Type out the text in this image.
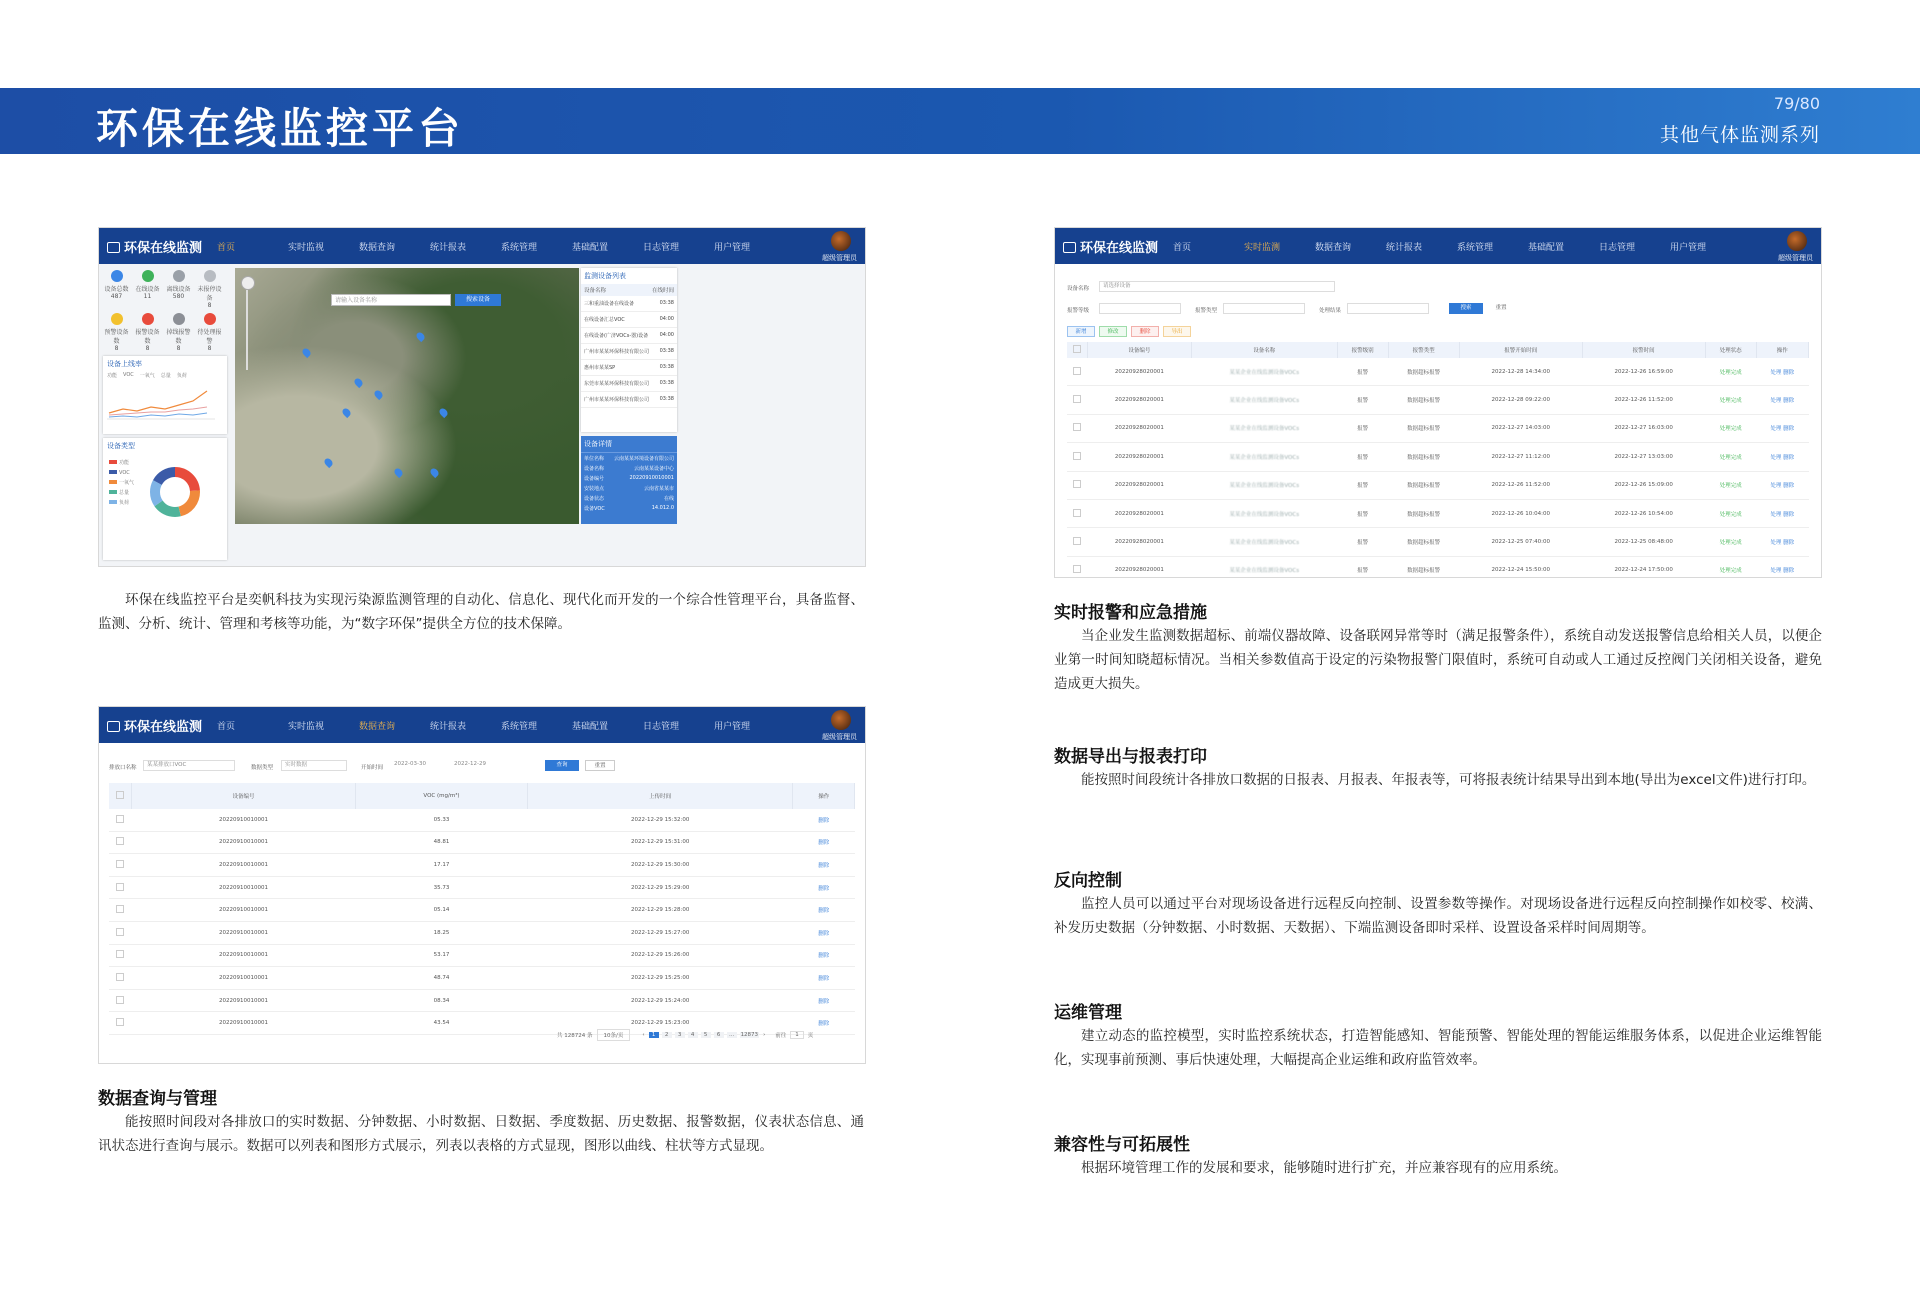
环保在线监控平台
79/80
其他气体监测系列
环保在线监测 首页	实时监视	数据查询	统计报表	系统管理	基础配置	日志管理	用户管理
超级管理员
设备总数
487
在线设备
11
离线设备
580
未报停设备
8
预警设备数
8
报警设备数
8
掉线报警数
8
待处理报警
8
设备上线率
功能 VOC 一氧气 总量 负荷
设备类型
功能
VOC
一氧气
总量
负荷
请输入设备名称	搜索设备
监测设备列表
设备名称	在线时间
三和重油设备在线设备	03:38
在线设备汇总VOC	04:00
在线设备(广济VOCs-器)设备 04:00
广州市某某环保科技有限公司 03:38
惠州市某某SP	03:38
东莞市某某环保科技有限公司 03:38
广州市某某环保科技有限公司 03:38
设备详情
单位名称 云南某某环境设备有限公司
设备名称	云南某某设备中心
设备编号	20220910010001
安装地点	云南省某某市
设备状态	在线
设备VOC	14.012.0
环保在线监控平台是奕帆科技为实现污染源监测管理的自动化、信息化、现代化而开发的一个综合性管理平台，具备监督、监测、分析、统计、管理和考核等功能，为“数字环保”提供全方位的技术保障。
环保在线监测 首页	实时监视	数据查询	统计报表	系统管理	基础配置	日志管理	用户管理
超级管理员
排放口名称	某某排放口VOC	数据类型	实时数据	开始时间
2022-03-30	2022-12-29	查询	重置
	设备编号	VOC (mg/m³)	上传时间	操作
	20220910010001	05.33	2022-12-29 15:32:00	删除
	20220910010001	48.81	2022-12-29 15:31:00	删除
	20220910010001	17.17	2022-12-29 15:30:00	删除
	20220910010001	35.73	2022-12-29 15:29:00	删除
	20220910010001	05.14	2022-12-29 15:28:00	删除
	20220910010001	18.25	2022-12-29 15:27:00	删除
	20220910010001	53.17	2022-12-29 15:26:00	删除
	20220910010001	48.74	2022-12-29 15:25:00	删除
	20220910010001	08.34	2022-12-29 15:24:00	删除
	20220910010001	43.54	2022-12-29 15:23:00	删除
共 128724 条	10条/页	‹	1	2	3	4	5	6	...	12873 › 前往	1	页
数据查询与管理
能按照时间段对各排放口的实时数据、分钟数据、小时数据、日数据、季度数据、历史数据、报警数据，仪表状态信息、通讯状态进行查询与展示。数据可以列表和图形方式展示，列表以表格的方式显现，图形以曲线、柱状等方式显现。
环保在线监测 首页	实时监测	数据查询	统计报表	系统管理	基础配置	日志管理	用户管理
超级管理员
设备名称	请选择设备
报警等级	报警类型	处理结果	搜索	重置
新增	修改	删除	导出
	设备编号	设备名称	报警级别	报警类型	报警开始时间	报警时间	处理状态	操作
	20220928020001	某某企业在线监测设备VOCs	报警	数据超标报警	2022-12-28 14:34:00	2022-12-26 16:59:00	处理完成	处理 删除
	20220928020001	某某企业在线监测设备VOCs	报警	数据超标报警	2022-12-28 09:22:00	2022-12-26 11:52:00	处理完成	处理 删除
	20220928020001	某某企业在线监测设备VOCs	报警	数据超标报警	2022-12-27 14:03:00	2022-12-27 16:03:00	处理完成	处理 删除
	20220928020001	某某企业在线监测设备VOCs	报警	数据超标报警	2022-12-27 11:12:00	2022-12-27 13:03:00	处理完成	处理 删除
	20220928020001	某某企业在线监测设备VOCs	报警	数据超标报警	2022-12-26 11:52:00	2022-12-26 15:09:00	处理完成	处理 删除
	20220928020001	某某企业在线监测设备VOCs	报警	数据超标报警	2022-12-26 10:04:00	2022-12-26 10:54:00	处理完成	处理 删除
	20220928020001	某某企业在线监测设备VOCs	报警	数据超标报警	2022-12-25 07:40:00	2022-12-25 08:48:00	处理完成	处理 删除
	20220928020001	某某企业在线监测设备VOCs	报警	数据超标报警	2022-12-24 15:50:00	2022-12-24 17:50:00	处理完成	处理 删除
实时报警和应急措施
当企业发生监测数据超标、前端仪器故障、设备联网异常等时（满足报警条件），系统自动发送报警信息给相关人员，以便企业第一时间知晓超标情况。当相关参数值高于设定的污染物报警门限值时，系统可自动或人工通过反控阀门关闭相关设备，避免造成更大损失。
数据导出与报表打印
能按照时间段统计各排放口数据的日报表、月报表、年报表等，可将报表统计结果导出到本地(导出为excel文件)进行打印。
反向控制
监控人员可以通过平台对现场设备进行远程反向控制、设置参数等操作。对现场设备进行远程反向控制操作如校零、校满、补发历史数据（分钟数据、小时数据、天数据）、下端监测设备即时采样、设置设备采样时间周期等。
运维管理
建立动态的监控模型，实时监控系统状态，打造智能感知、智能预警、智能处理的智能运维服务体系，以促进企业运维智能化，实现事前预测、事后快速处理，大幅提高企业运维和政府监管效率。
兼容性与可拓展性
根据环境管理工作的发展和要求，能够随时进行扩充，并应兼容现有的应用系统。
